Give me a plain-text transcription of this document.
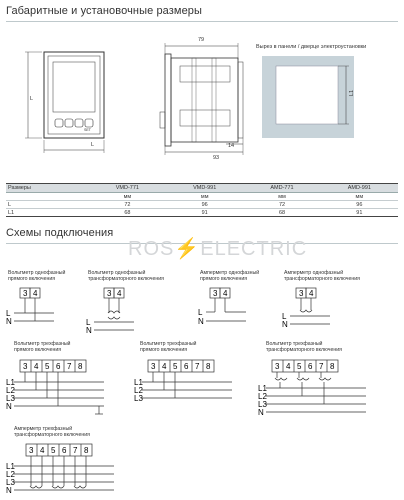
Габаритные и установочные размеры
L
L
SET
79
93
14
Вырез в панели / дверце электроустановки
L1
Размеры	VMD-771	VMD-991	AMD-771	AMD-991
	мм	мм	мм	мм
L	72	96	72	96
L1	68	91	68	91
Схемы подключения
ROS⚡ELECTRIC
Вольтметр однофазный
прямого включения
3 4
L
N
Вольтметр однофазный
трансформаторного включения
3 4
L
N
Амперметр однофазный
прямого включения
3 4
L
N
Амперметр однофазный
трансформаторного включения
3 4
L
N
Вольтметр трехфазный
прямого включения
3 4 5 6 7 8
L1
L2
L3
N
Вольтметр трехфазный
прямого включения
3 4 5 6 7 8
L1
L2
L3
Вольтметр трехфазный
трансформаторного включения
3 4 5 6 7 8
L1
L2
L3
N
Амперметр трехфазный
трансформаторного включения
3 4 5 6 7 8
L1
L2
L3
N
